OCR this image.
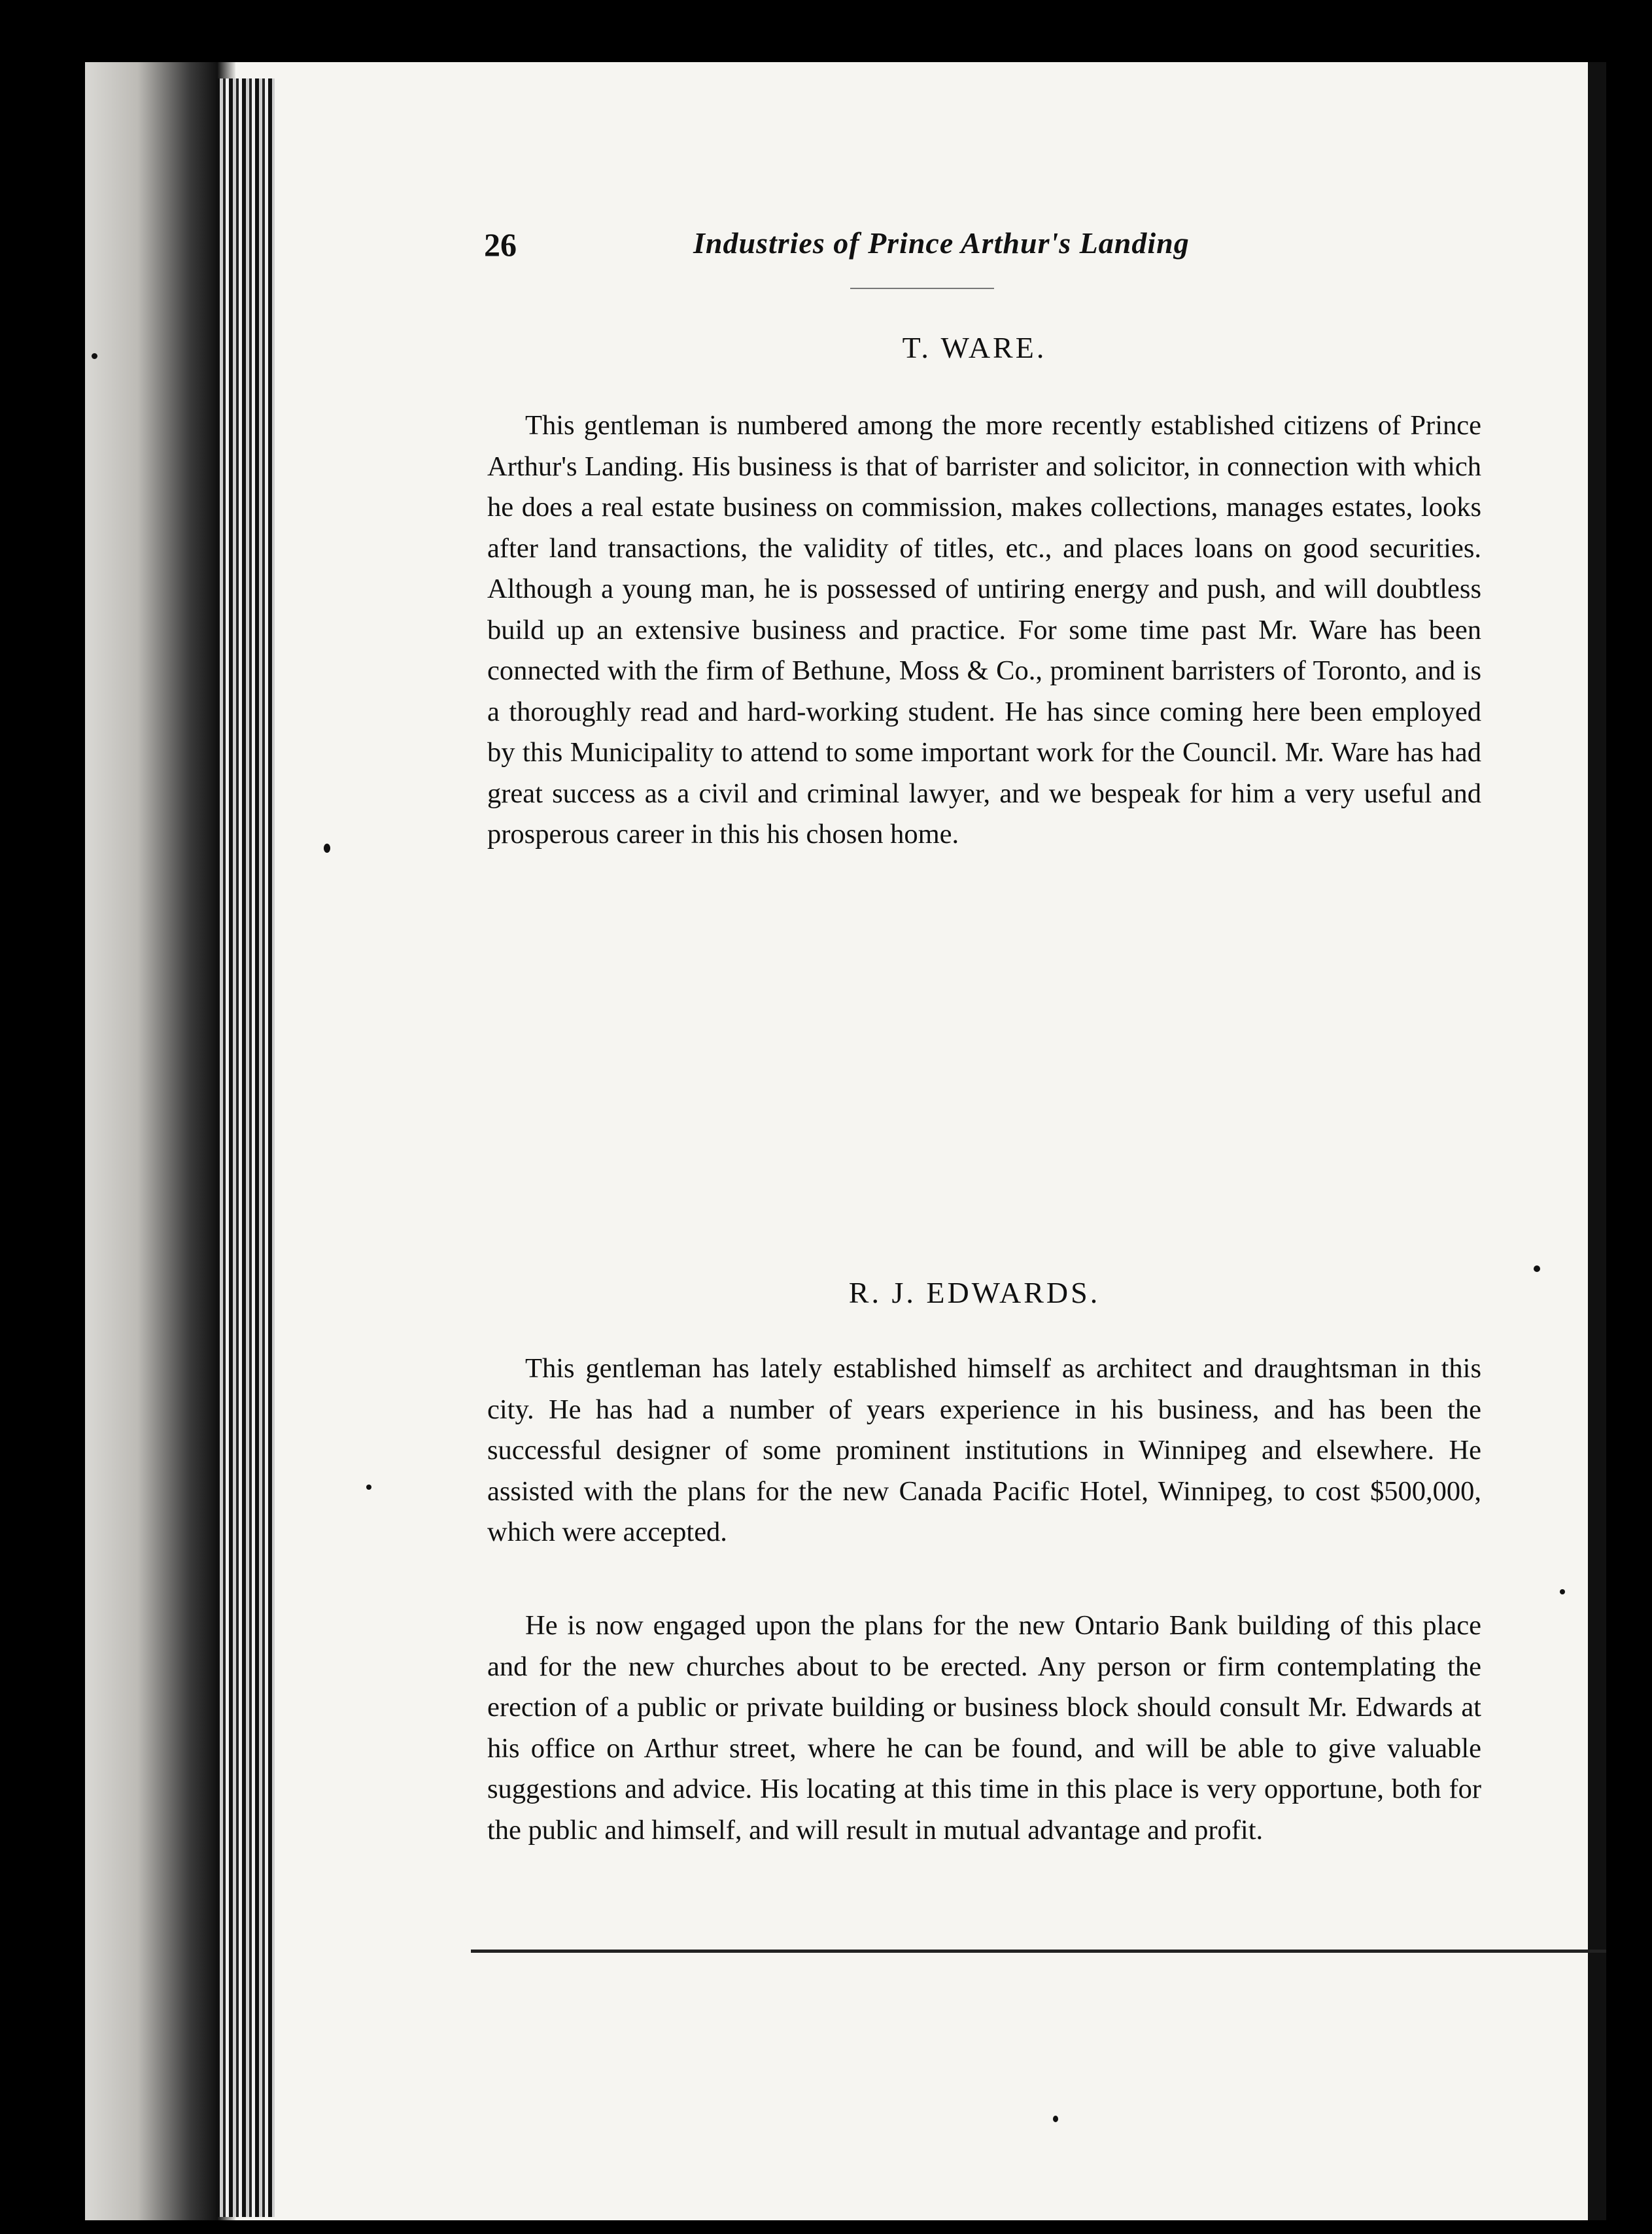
26	Industries of Prince Arthur's Landing
T. WARE.

This gentleman is numbered among the more recently established citizens of Prince Arthur's Landing. His business is that of barrister and solicitor, in connection with which he does a real estate business on commission, makes collections, manages estates, looks after land transactions, the validity of titles, etc., and places loans on good securities. Although a young man, he is possessed of untiring energy and push, and will doubtless build up an extensive business and practice. For some time past Mr. Ware has been connected with the firm of Bethune, Moss & Co., prominent barristers of Toronto, and is a thoroughly read and hard-working student. He has since coming here been employed by this Municipality to attend to some important work for the Council. Mr. Ware has had great success as a civil and criminal lawyer, and we bespeak for him a very useful and prosperous career in this his chosen home.

R. J. EDWARDS.

This gentleman has lately established himself as architect and draughtsman in this city. He has had a number of years experience in his business, and has been the successful designer of some prominent institutions in Winnipeg and elsewhere. He assisted with the plans for the new Canada Pacific Hotel, Winnipeg, to cost $500,000, which were accepted.

He is now engaged upon the plans for the new Ontario Bank building of this place and for the new churches about to be erected. Any person or firm contemplating the erection of a public or private building or business block should consult Mr. Edwards at his office on Arthur street, where he can be found, and will be able to give valuable suggestions and advice. His locating at this time in this place is very opportune, both for the public and himself, and will result in mutual advantage and profit.
